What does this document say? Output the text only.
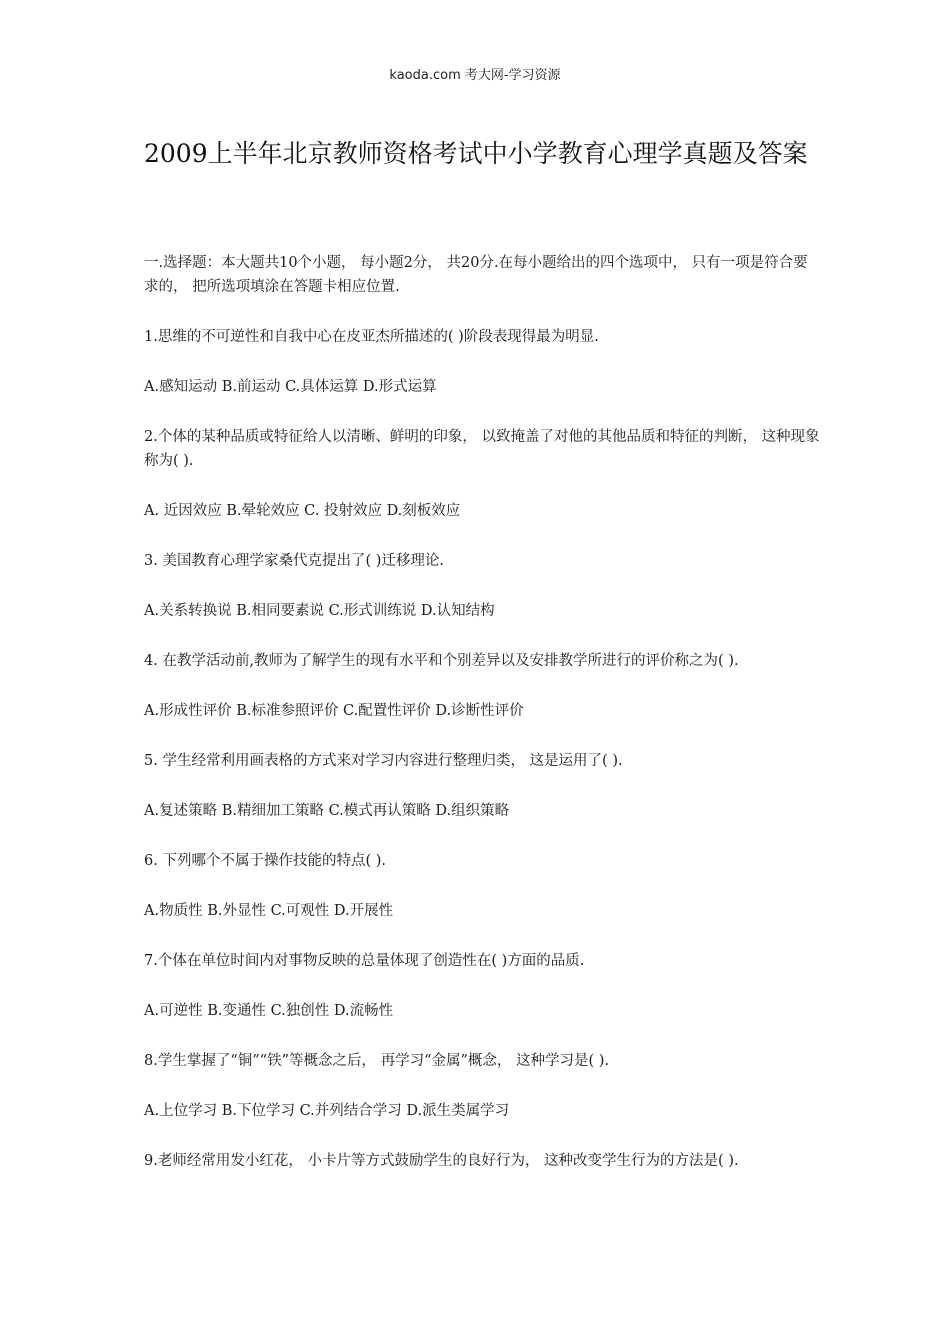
kaoda.com 考大网-学习资源
2009上半年北京教师资格考试中小学教育心理学真题及答案

一.选择题：本大题共10个小题， 每小题2分， 共20分.在每小题给出的四个选项中， 只有一项是符合要求的， 把所选项填涂在答题卡相应位置.

1.思维的不可逆性和自我中心在皮亚杰所描述的( )阶段表现得最为明显.

A.感知运动 B.前运动 C.具体运算 D.形式运算

2.个体的某种品质或特征给人以清晰、鲜明的印象， 以致掩盖了对他的其他品质和特征的判断， 这种现象称为( ).

A. 近因效应 B.晕轮效应 C. 投射效应 D.刻板效应

3. 美国教育心理学家桑代克提出了( )迁移理论.

A.关系转换说 B.相同要素说 C.形式训练说 D.认知结构

4. 在教学活动前,教师为了解学生的现有水平和个别差异以及安排教学所进行的评价称之为( ).

A.形成性评价 B.标准参照评价 C.配置性评价 D.诊断性评价

5. 学生经常利用画表格的方式来对学习内容进行整理归类， 这是运用了( ).

A.复述策略 B.精细加工策略 C.模式再认策略 D.组织策略

6. 下列哪个不属于操作技能的特点( ).

A.物质性 B.外显性 C.可观性 D.开展性

7.个体在单位时间内对事物反映的总量体现了创造性在( )方面的品质.

A.可逆性 B.变通性 C.独创性 D.流畅性

8.学生掌握了“铜”“铁”等概念之后， 再学习“金属”概念， 这种学习是( ).

A.上位学习 B.下位学习 C.并列结合学习 D.派生类属学习

9.老师经常用发小红花， 小卡片等方式鼓励学生的良好行为， 这种改变学生行为的方法是( ).
